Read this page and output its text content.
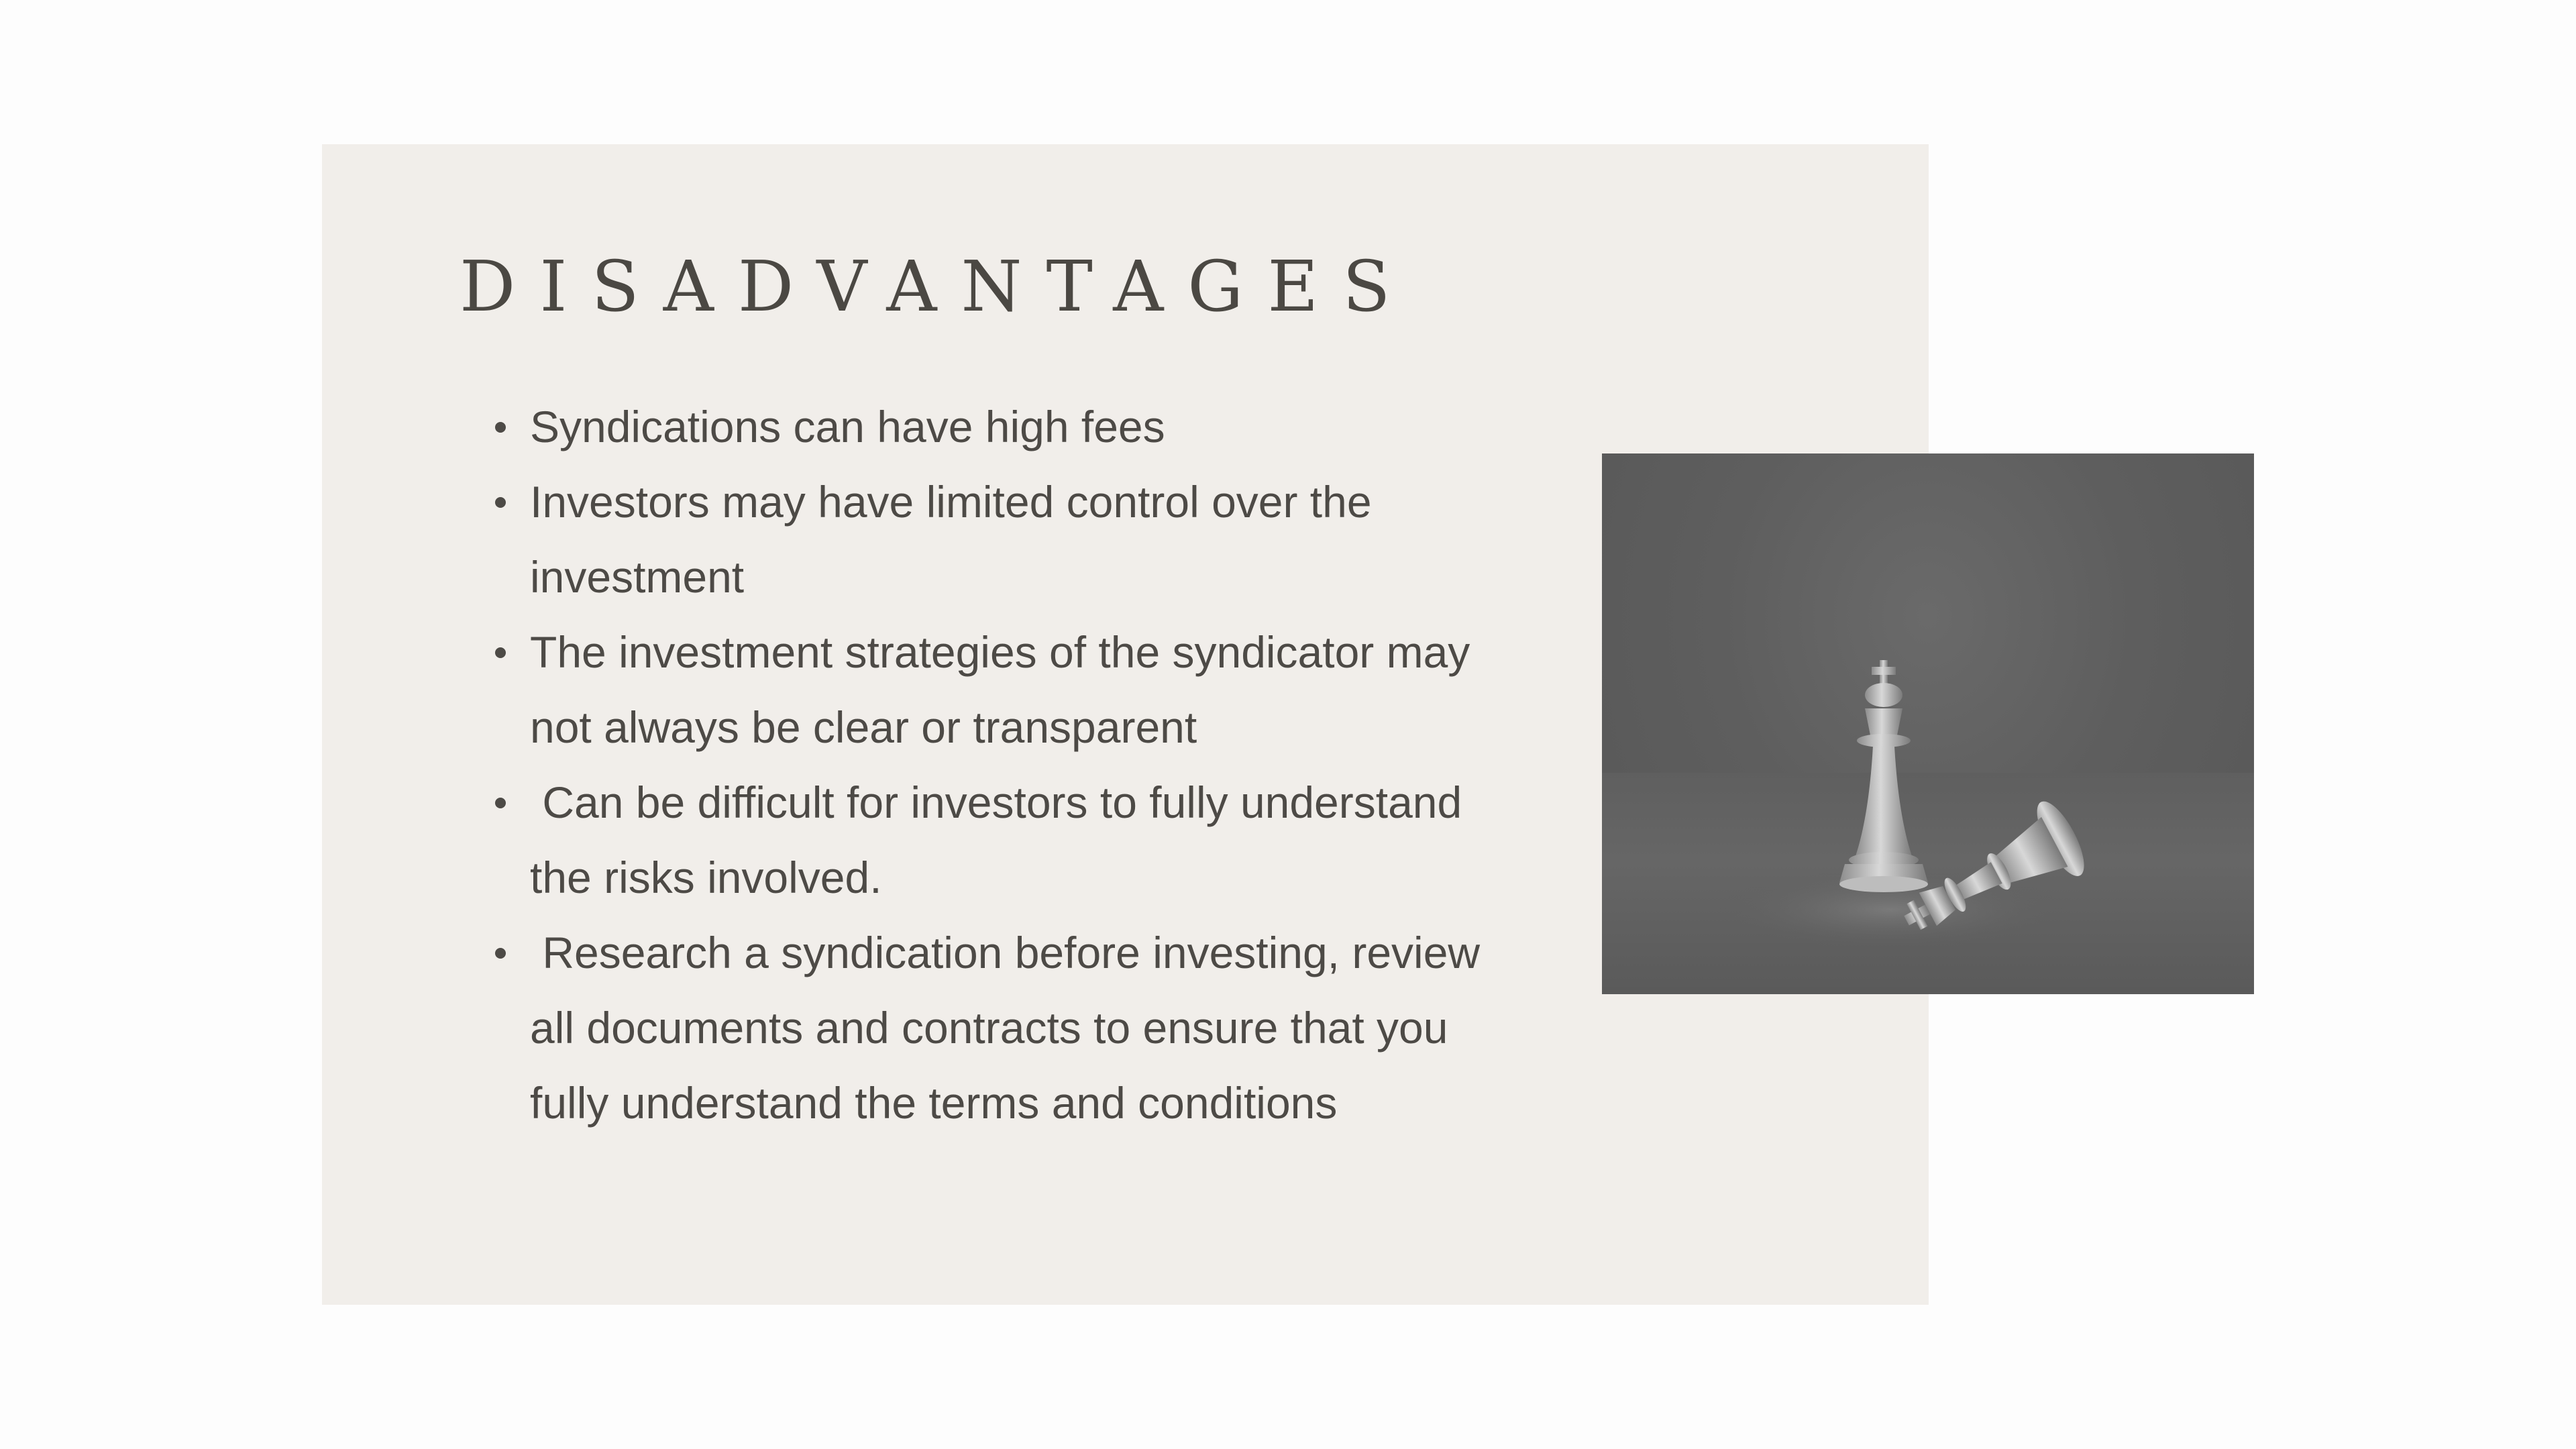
DISADVANTAGES
Syndications can have high fees
Investors may have limited control over the investment
The investment strategies of the syndicator may not always be clear or transparent
Can be difficult for investors to fully understand the risks involved.
Research a syndication before investing, review all documents and contracts to ensure that you fully understand the terms and conditions
